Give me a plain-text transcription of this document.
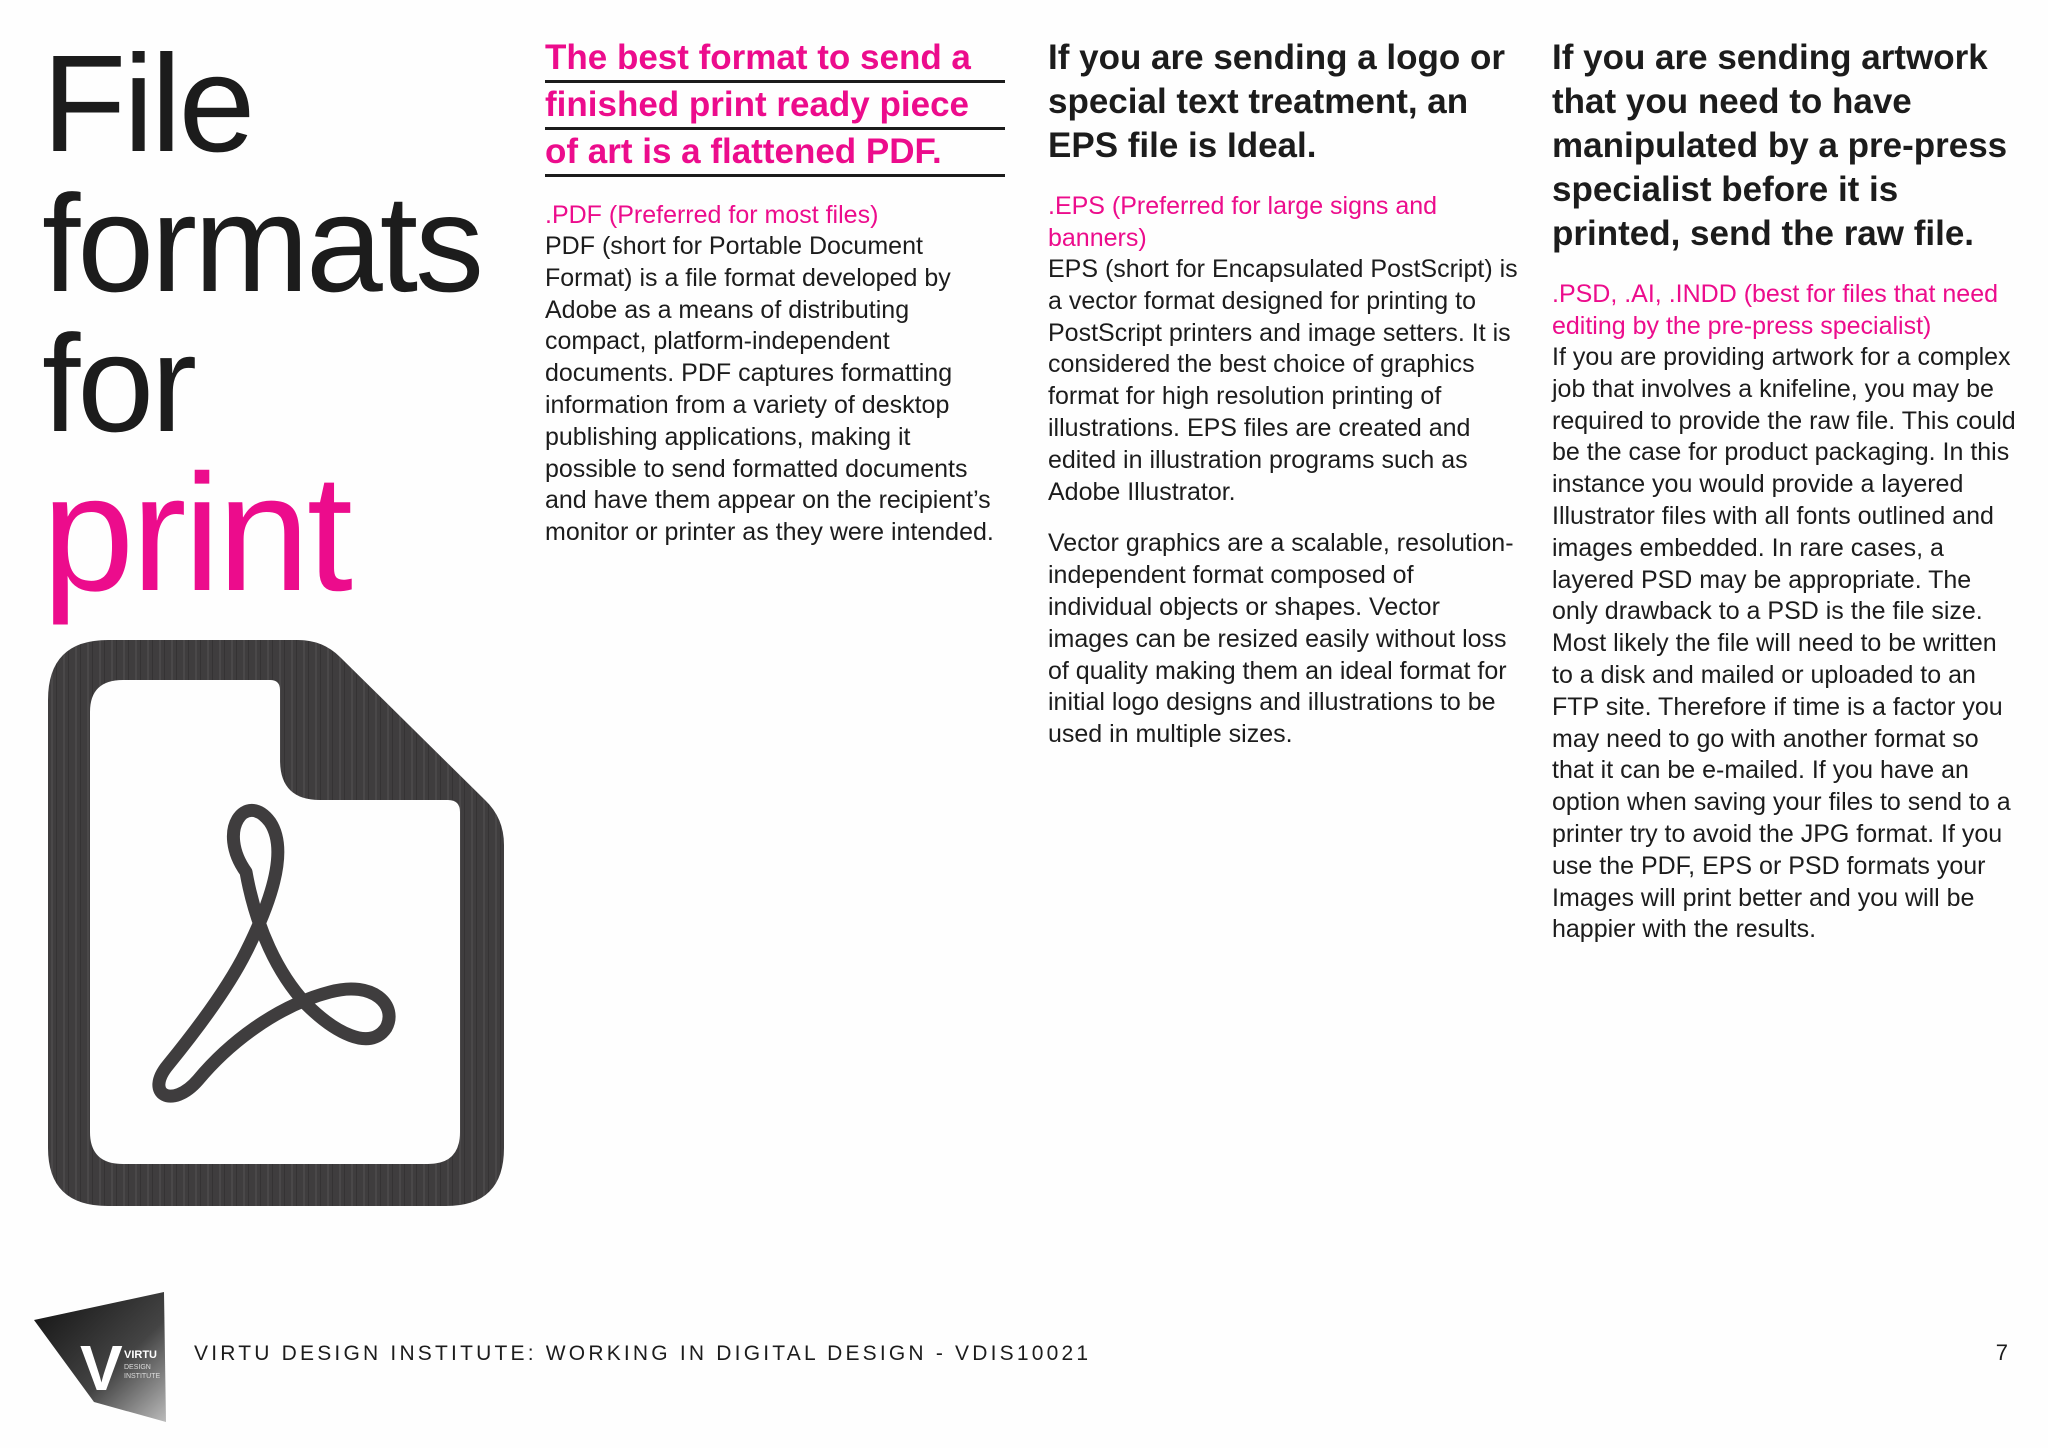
File
formats
for
print
The best format to send a
finished print ready piece
of art is a flattened PDF.

.PDF (Preferred for most files)

PDF (short for Portable Document Format) is a file format developed by Adobe as a means of distributing compact, platform-independent documents. PDF captures formatting information from a variety of desktop publishing applications, making it possible to send formatted documents and have them appear on the recipient’s monitor or printer as they were intended.

If you are sending a logo or special text treatment, an EPS file is Ideal.

.EPS (Preferred for large signs and banners)

EPS (short for Encapsulated PostScript) is a vector format designed for printing to PostScript printers and image setters. It is considered the best choice of graphics format for high resolution printing of illustrations. EPS files are created and edited in illustration programs such as Adobe Illustrator.

Vector graphics are a scalable, resolution-independent format composed of individual objects or shapes. Vector images can be resized easily without loss of quality making them an ideal format for initial logo designs and illustrations to be used in multiple sizes.

If you are sending artwork that you need to have manipulated by a pre-press specialist before it is printed, send the raw file.

.PSD, .AI, .INDD (best for files that need editing by the pre-press specialist)

If you are providing artwork for a complex job that involves a knifeline, you may be required to provide the raw file. This could be the case for product packaging. In this instance you would provide a layered Illustrator files with all fonts outlined and images embedded. In rare cases, a layered PSD may be appropriate. The only drawback to a PSD is the file size. Most likely the file will need to be written to a disk and mailed or uploaded to an FTP site. Therefore if time is a factor you may need to go with another format so that it can be e-mailed. If you have an option when saving your files to send to a printer try to avoid the JPG format. If you use the PDF, EPS or PSD formats your Images will print better and you will be happier with the results.

V VIRTU
DESIGN
INSTITUTE
VIRTU DESIGN INSTITUTE: WORKING IN DIGITAL DESIGN - VDIS10021	7
